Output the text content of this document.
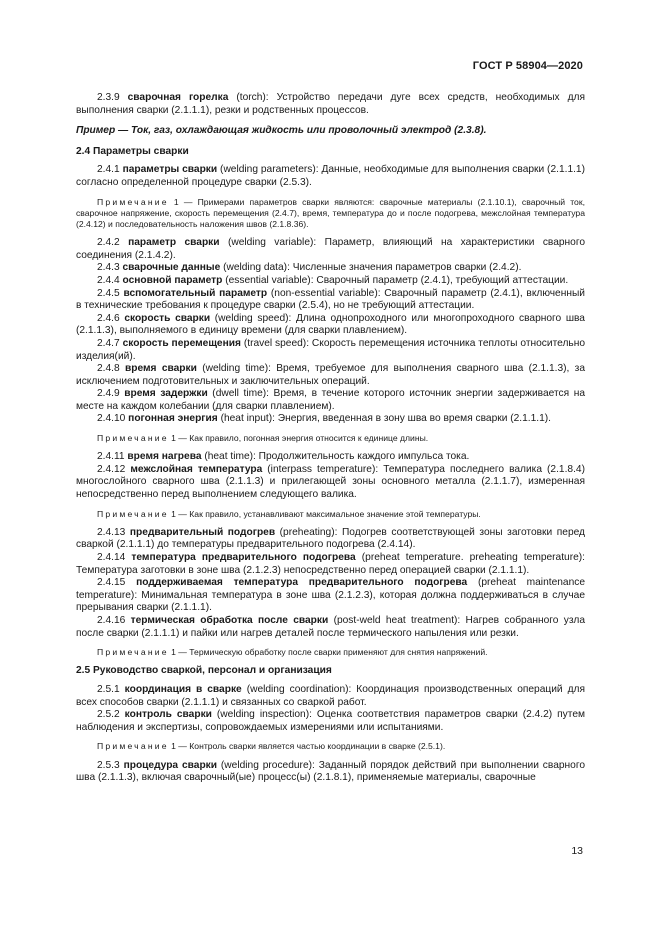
ГОСТ Р 58904—2020

2.3.9 сварочная горелка (torch): Устройство передачи дуге всех средств, необходимых для выполнения сварки (2.1.1.1), резки и родственных процессов.

Пример — Ток, газ, охлаждающая жидкость или проволочный электрод (2.3.8).

2.4 Параметры сварки

2.4.1 параметры сварки (welding parameters): Данные, необходимые для выполнения сварки (2.1.1.1) согласно определенной процедуре сварки (2.5.3).

Примечание 1 — Примерами параметров сварки являются: сварочные материалы (2.1.10.1), сварочный ток, сварочное напряжение, скорость перемещения (2.4.7), время, температура до и после подогрева, межслойная температура (2.4.12) и последовательность наложения швов (2.1.8.36).

2.4.2 параметр сварки (welding variable): Параметр, влияющий на характеристики сварного соединения (2.1.4.2).

2.4.3 сварочные данные (welding data): Численные значения параметров сварки (2.4.2).

2.4.4 основной параметр (essential variable): Сварочный параметр (2.4.1), требующий аттестации.

2.4.5 вспомогательный параметр (non-essential variable): Сварочный параметр (2.4.1), включенный в технические требования к процедуре сварки (2.5.4), но не требующий аттестации.

2.4.6 скорость сварки (welding speed): Длина однопроходного или многопроходного сварного шва (2.1.1.3), выполняемого в единицу времени (для сварки плавлением).

2.4.7 скорость перемещения (travel speed): Скорость перемещения источника теплоты относительно изделия(ий).

2.4.8 время сварки (welding time): Время, требуемое для выполнения сварного шва (2.1.1.3), за исключением подготовительных и заключительных операций.

2.4.9 время задержки (dwell time): Время, в течение которого источник энергии задерживается на месте на каждом колебании (для сварки плавлением).

2.4.10 погонная энергия (heat input): Энергия, введенная в зону шва во время сварки (2.1.1.1).

Примечание 1 — Как правило, погонная энергия относится к единице длины.

2.4.11 время нагрева (heat time): Продолжительность каждого импульса тока.

2.4.12 межслойная температура (interpass temperature): Температура последнего валика (2.1.8.4) многослойного сварного шва (2.1.1.3) и прилегающей зоны основного металла (2.1.1.7), измеренная непосредственно перед выполнением следующего валика.

Примечание 1 — Как правило, устанавливают максимальное значение этой температуры.

2.4.13 предварительный подогрев (preheating): Подогрев соответствующей зоны заготовки перед сваркой (2.1.1.1) до температуры предварительного подогрева (2.4.14).

2.4.14 температура предварительного подогрева (preheat temperature. preheating temperature): Температура заготовки в зоне шва (2.1.2.3) непосредственно перед операцией сварки (2.1.1.1).

2.4.15 поддерживаемая температура предварительного подогрева (preheat maintenance temperature): Минимальная температура в зоне шва (2.1.2.3), которая должна поддерживаться в случае прерывания сварки (2.1.1.1).

2.4.16 термическая обработка после сварки (post-weld heat treatment): Нагрев собранного узла после сварки (2.1.1.1) и пайки или нагрев деталей после термического напыления или резки.

Примечание 1 — Термическую обработку после сварки применяют для снятия напряжений.

2.5 Руководство сваркой, персонал и организация

2.5.1 координация в сварке (welding coordination): Координация производственных операций для всех способов сварки (2.1.1.1) и связанных со сваркой работ.

2.5.2 контроль сварки (welding inspection): Оценка соответствия параметров сварки (2.4.2) путем наблюдения и экспертизы, сопровождаемых измерениями или испытаниями.

Примечание 1 — Контроль сварки является частью координации в сварке (2.5.1).

2.5.3 процедура сварки (welding procedure): Заданный порядок действий при выполнении сварного шва (2.1.1.3), включая сварочный(ые) процесс(ы) (2.1.8.1), применяемые материалы, сварочные

13
